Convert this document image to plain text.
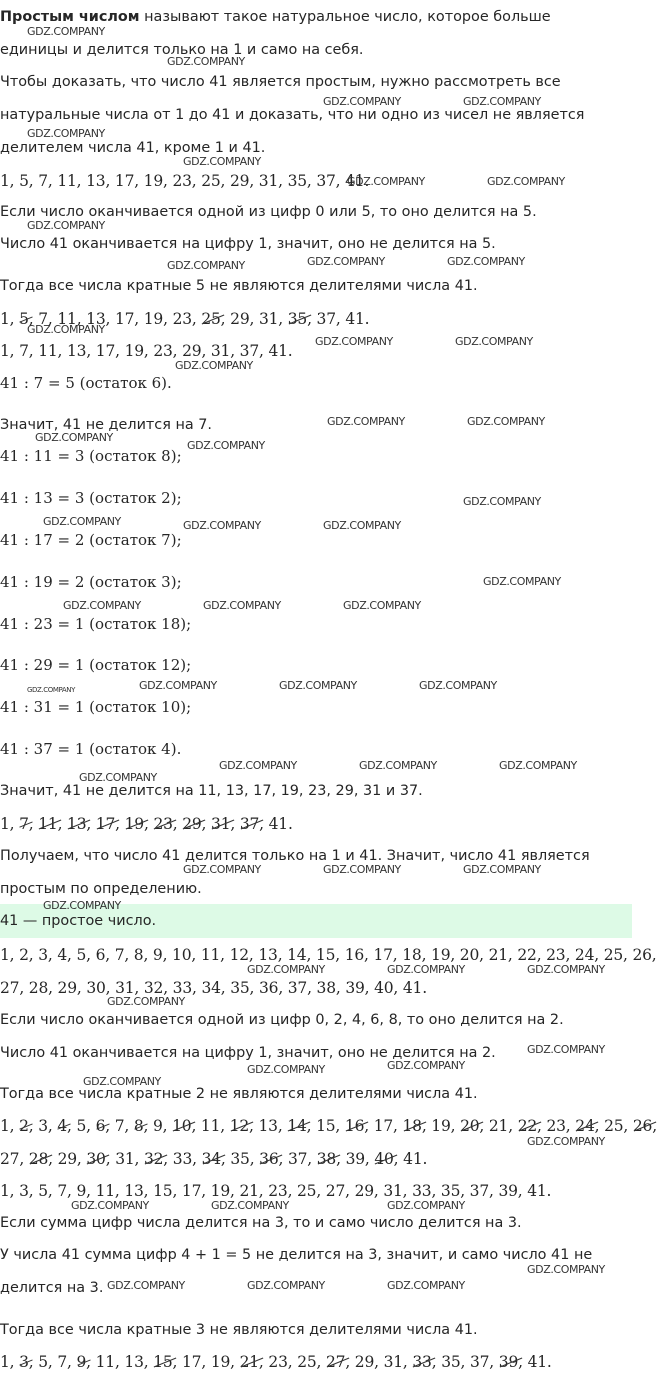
Простым числом называют такое натуральное число, которое больше
единицы и делится только на 1 и само на себя.
Чтобы доказать, что число 41 является простым, нужно рассмотреть все
натуральные числа от 1 до 41 и доказать, что ни одно из чисел не является
делителем числа 41, кроме 1 и 41.
1, 5, 7, 11, 13, 17, 19, 23, 25, 29, 31, 35, 37, 41.
Если число оканчивается одной из цифр 0 или 5, то оно делится на 5.
Число 41 оканчивается на цифру 1, значит, оно не делится на 5.
Тогда все числа кратные 5 не являются делителями числа 41.
1, 5, 7, 11, 13, 17, 19, 23, 25, 29, 31, 35, 37, 41.
1, 7, 11, 13, 17, 19, 23, 29, 31, 37, 41.
41 : 7 = 5 (остаток 6).
Значит, 41 не делится на 7.
41 : 11 = 3 (остаток 8);
41 : 13 = 3 (остаток 2);
41 : 17 = 2 (остаток 7);
41 : 19 = 2 (остаток 3);
41 : 23 = 1 (остаток 18);
41 : 29 = 1 (остаток 12);
41 : 31 = 1 (остаток 10);
41 : 37 = 1 (остаток 4).
Значит, 41 не делится на 11, 13, 17, 19, 23, 29, 31 и 37.
1, 7, 11, 13, 17, 19, 23, 29, 31, 37, 41.
Получаем, что число 41 делится только на 1 и 41. Значит, число 41 является
простым по определению.
41 — простое число.
1, 2, 3, 4, 5, 6, 7, 8, 9, 10, 11, 12, 13, 14, 15, 16, 17, 18, 19, 20, 21, 22, 23, 24, 25, 26,
27, 28, 29, 30, 31, 32, 33, 34, 35, 36, 37, 38, 39, 40, 41.
Если число оканчивается одной из цифр 0, 2, 4, 6, 8, то оно делится на 2.
Число 41 оканчивается на цифру 1, значит, оно не делится на 2.
Тогда все числа кратные 2 не являются делителями числа 41.
1, 2, 3, 4, 5, 6, 7, 8, 9, 10, 11, 12, 13, 14, 15, 16, 17, 18, 19, 20, 21, 22, 23, 24, 25, 26,
27, 28, 29, 30, 31, 32, 33, 34, 35, 36, 37, 38, 39, 40, 41.
1, 3, 5, 7, 9, 11, 13, 15, 17, 19, 21, 23, 25, 27, 29, 31, 33, 35, 37, 39, 41.
Если сумма цифр числа делится на 3, то и само число делится на 3.
У числа 41 сумма цифр 4 + 1 = 5 не делится на 3, значит, и само число 41 не
делится на 3.
Тогда все числа кратные 3 не являются делителями числа 41.
1, 3, 5, 7, 9, 11, 13, 15, 17, 19, 21, 23, 25, 27, 29, 31, 33, 35, 37, 39, 41.
GDZ.COMPANY
GDZ.COMPANY
GDZ.COMPANY	GDZ.COMPANY
GDZ.COMPANY
GDZ.COMPANY
GDZ.COMPANY	GDZ.COMPANY
GDZ.COMPANY
GDZ.COMPANY	GDZ.COMPANY	GDZ.COMPANY
GDZ.COMPANY
GDZ.COMPANY	GDZ.COMPANY
GDZ.COMPANY
GDZ.COMPANY	GDZ.COMPANY
GDZ.COMPANY
GDZ.COMPANY
GDZ.COMPANY
GDZ.COMPANY	GDZ.COMPANY	GDZ.COMPANY
GDZ.COMPANY
GDZ.COMPANY	GDZ.COMPANY	GDZ.COMPANY
GDZ.COMPANY	GDZ.COMPANY	GDZ.COMPANY	GDZ.COMPANY
GDZ.COMPANY	GDZ.COMPANY	GDZ.COMPANY
GDZ.COMPANY
GDZ.COMPANY	GDZ.COMPANY	GDZ.COMPANY
GDZ.COMPANY
GDZ.COMPANY	GDZ.COMPANY	GDZ.COMPANY
GDZ.COMPANY
GDZ.COMPANY
GDZ.COMPANY	GDZ.COMPANY
GDZ.COMPANY
GDZ.COMPANY
GDZ.COMPANY	GDZ.COMPANY	GDZ.COMPANY
GDZ.COMPANY
GDZ.COMPANY	GDZ.COMPANY	GDZ.COMPANY
